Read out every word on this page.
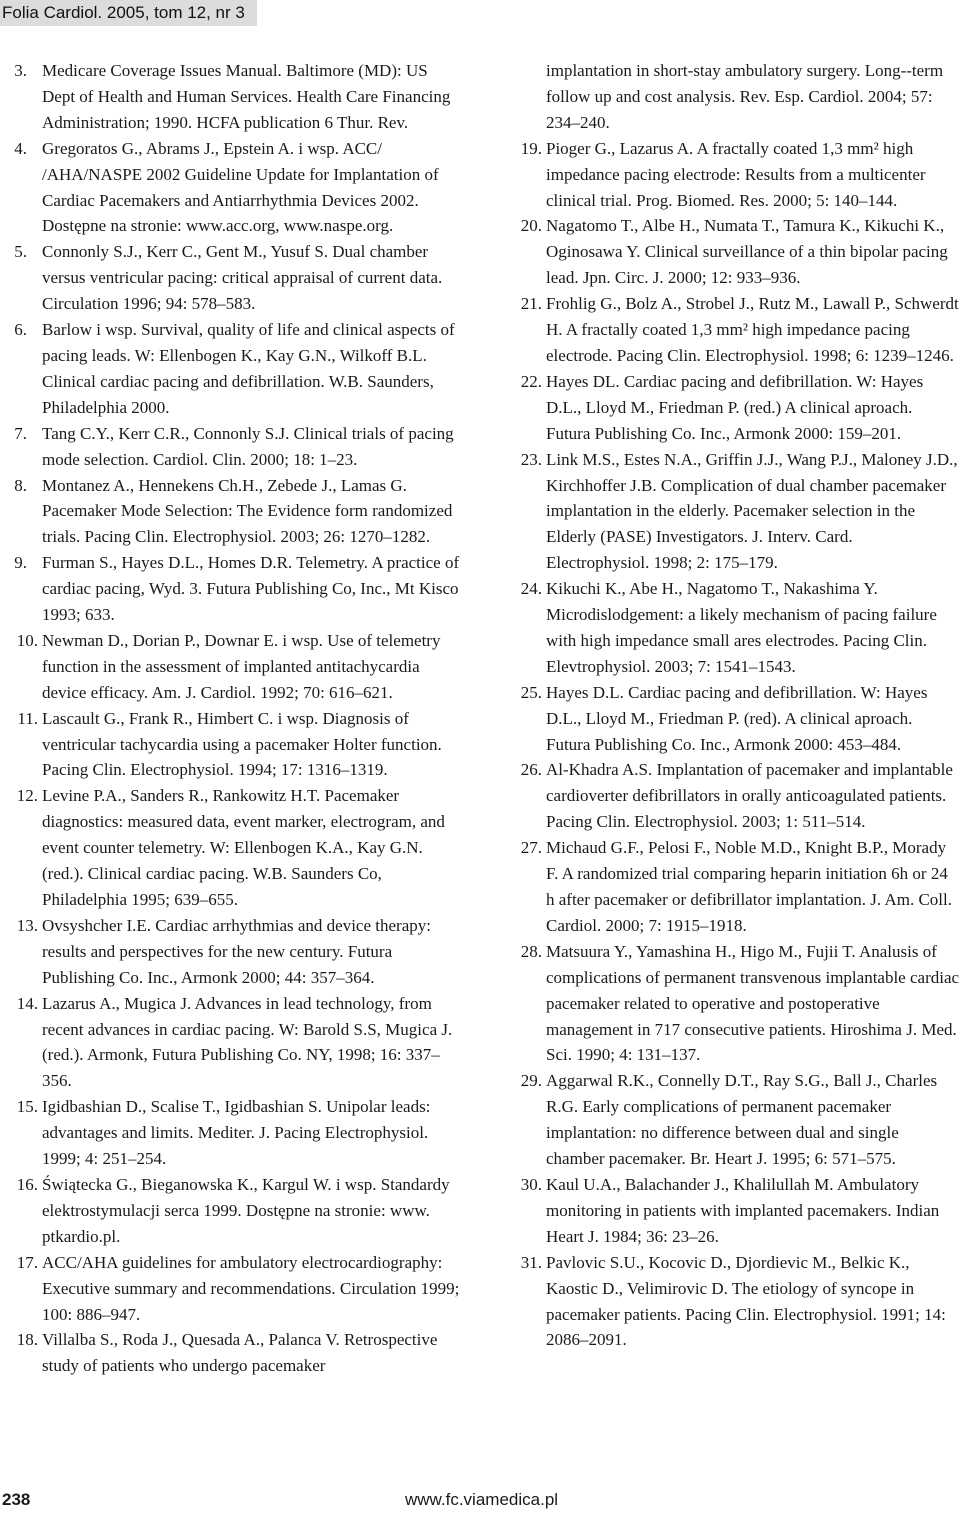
Folia Cardiol. 2005, tom 12, nr 3
3. Medicare Coverage Issues Manual. Baltimore (MD): US Dept of Health and Human Services. Health Care Financing Administration; 1990. HCFA publication 6 Thur. Rev.
4. Gregoratos G., Abrams J., Epstein A. i wsp. ACC/ /AHA/NASPE 2002 Guideline Update for Implantation of Cardiac Pacemakers and Antiarrhythmia Devices 2002. Dostępne na stronie: www.acc.org, www.naspe.org.
5. Connonly S.J., Kerr C., Gent M., Yusuf S. Dual chamber versus ventricular pacing: critical appraisal of current data. Circulation 1996; 94: 578–583.
6. Barlow i wsp. Survival, quality of life and clinical aspects of pacing leads. W: Ellenbogen K., Kay G.N., Wilkoff B.L. Clinical cardiac pacing and defibrillation. W.B. Saunders, Philadelphia 2000.
7. Tang C.Y., Kerr C.R., Connonly S.J. Clinical trials of pacing mode selection. Cardiol. Clin. 2000; 18: 1–23.
8. Montanez A., Hennekens Ch.H., Zebede J., Lamas G. Pacemaker Mode Selection: The Evidence form randomized trials. Pacing Clin. Electrophysiol. 2003; 26: 1270–1282.
9. Furman S., Hayes D.L., Homes D.R. Telemetry. A practice of cardiac pacing, Wyd. 3. Futura Publishing Co, Inc., Mt Kisco 1993; 633.
10. Newman D., Dorian P., Downar E. i wsp. Use of telemetry function in the assessment of implanted antitachycardia device efficacy. Am. J. Cardiol. 1992; 70: 616–621.
11. Lascault G., Frank R., Himbert C. i wsp. Diagnosis of ventricular tachycardia using a pacemaker Holter function. Pacing Clin. Electrophysiol. 1994; 17: 1316–1319.
12. Levine P.A., Sanders R., Rankowitz H.T. Pacemaker diagnostics: measured data, event marker, electrogram, and event counter telemetry. W: Ellenbogen K.A., Kay G.N. (red.). Clinical cardiac pacing. W.B. Saunders Co, Philadelphia 1995; 639–655.
13. Ovsyshcher I.E. Cardiac arrhythmias and device therapy: results and perspectives for the new century. Futura Publishing Co. Inc., Armonk 2000; 44: 357–364.
14. Lazarus A., Mugica J. Advances in lead technology, from recent advances in cardiac pacing. W: Barold S.S, Mugica J. (red.). Armonk, Futura Publishing Co. NY, 1998; 16: 337–356.
15. Igidbashian D., Scalise T., Igidbashian S. Unipolar leads: advantages and limits. Mediter. J. Pacing Electrophysiol. 1999; 4: 251–254.
16. Świątecka G., Bieganowska K., Kargul W. i wsp. Standardy elektrostymulacji serca 1999. Dostępne na stronie: www. ptkardio.pl.
17. ACC/AHA guidelines for ambulatory electrocardiography: Executive summary and recommendations. Circulation 1999; 100: 886–947.
18. Villalba S., Roda J., Quesada A., Palanca V. Retrospective study of patients who undergo pacemaker
implantation in short-stay ambulatory surgery. Long--term follow up and cost analysis. Rev. Esp. Cardiol. 2004; 57: 234–240.
19. Pioger G., Lazarus A. A fractally coated 1,3 mm² high impedance pacing electrode: Results from a multicenter clinical trial. Prog. Biomed. Res. 2000; 5: 140–144.
20. Nagatomo T., Albe H., Numata T., Tamura K., Kikuchi K., Oginosawa Y. Clinical surveillance of a thin bipolar pacing lead. Jpn. Circ. J. 2000; 12: 933–936.
21. Frohlig G., Bolz A., Strobel J., Rutz M., Lawall P., Schwerdt H. A fractally coated 1,3 mm² high impedance pacing electrode. Pacing Clin. Electrophysiol. 1998; 6: 1239–1246.
22. Hayes DL. Cardiac pacing and defibrillation. W: Hayes D.L., Lloyd M., Friedman P. (red.) A clinical aproach. Futura Publishing Co. Inc., Armonk 2000: 159–201.
23. Link M.S., Estes N.A., Griffin J.J., Wang P.J., Maloney J.D., Kirchhoffer J.B. Complication of dual chamber pacemaker implantation in the elderly. Pacemaker selection in the Elderly (PASE) Investigators. J. Interv. Card. Electrophysiol. 1998; 2: 175–179.
24. Kikuchi K., Abe H., Nagatomo T., Nakashima Y. Microdislodgement: a likely mechanism of pacing failure with high impedance small ares electrodes. Pacing Clin. Elevtrophysiol. 2003; 7: 1541–1543.
25. Hayes D.L. Cardiac pacing and defibrillation. W: Hayes D.L., Lloyd M., Friedman P. (red). A clinical aproach. Futura Publishing Co. Inc., Armonk 2000: 453–484.
26. Al-Khadra A.S. Implantation of pacemaker and implantable cardioverter defibrillators in orally anticoagulated patients. Pacing Clin. Electrophysiol. 2003; 1: 511–514.
27. Michaud G.F., Pelosi F., Noble M.D., Knight B.P., Morady F. A randomized trial comparing heparin initiation 6h or 24 h after pacemaker or defibrillator implantation. J. Am. Coll. Cardiol. 2000; 7: 1915–1918.
28. Matsuura Y., Yamashina H., Higo M., Fujii T. Analusis of complications of permanent transvenous implantable cardiac pacemaker related to operative and postoperative management in 717 consecutive patients. Hiroshima J. Med. Sci. 1990; 4: 131–137.
29. Aggarwal R.K., Connelly D.T., Ray S.G., Ball J., Charles R.G. Early complications of permanent pacemaker implantation: no difference between dual and single chamber pacemaker. Br. Heart J. 1995; 6: 571–575.
30. Kaul U.A., Balachander J., Khalilullah M. Ambulatory monitoring in patients with implanted pacemakers. Indian Heart J. 1984; 36: 23–26.
31. Pavlovic S.U., Kocovic D., Djordievic M., Belkic K., Kaostic D., Velimirovic D. The etiology of syncope in pacemaker patients. Pacing Clin. Electrophysiol. 1991; 14: 2086–2091.
238	www.fc.viamedica.pl
